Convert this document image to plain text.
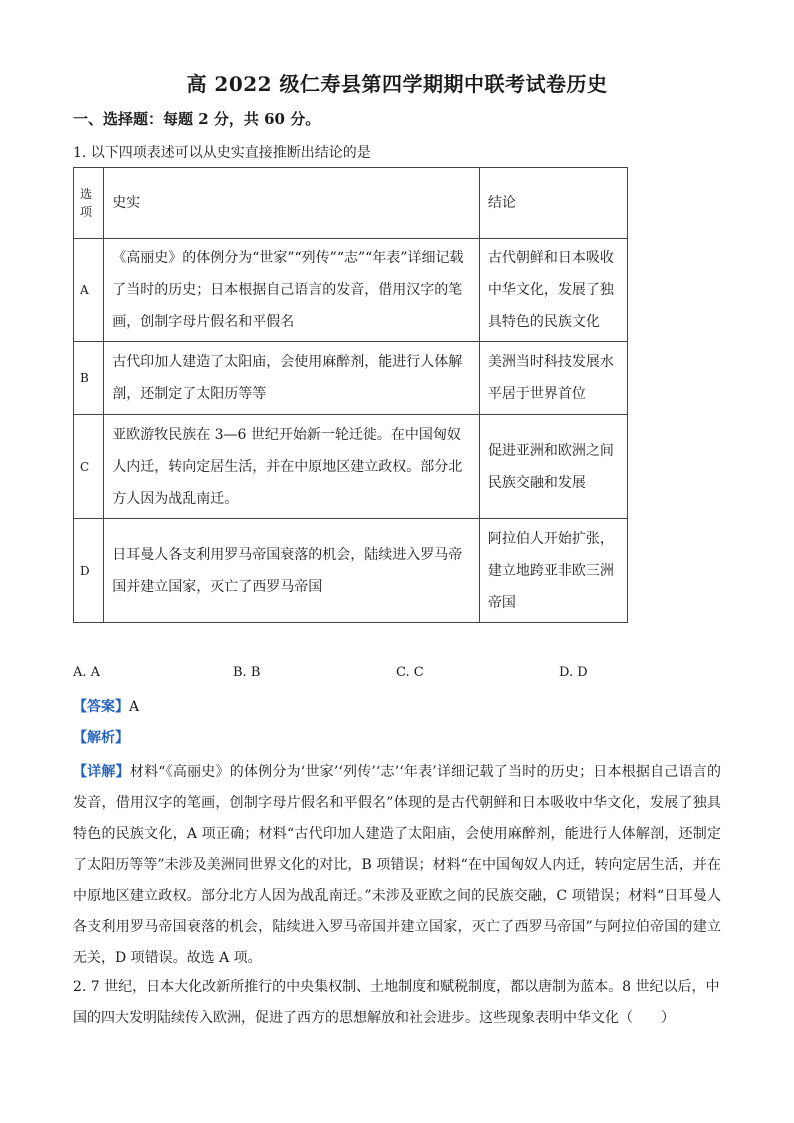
高 2022 级仁寿县第四学期期中联考试卷历史
一、选择题：每题 2 分，共 60 分。
1. 以下四项表述可以从史实直接推断出结论的是
选项	史实	结论
A	《高丽史》的体例分为“世家”“列传”“志”“年表”详细记载了当时的历史；日本根据自己语言的发音，借用汉字的笔画，创制字母片假名和平假名	古代朝鲜和日本吸收中华文化，发展了独具特色的民族文化
B	古代印加人建造了太阳庙，会使用麻醉剂，能进行人体解剖，还制定了太阳历等等	美洲当时科技发展水平居于世界首位
C	亚欧游牧民族在 3—6 世纪开始新一轮迁徙。在中国匈奴人内迁，转向定居生活，并在中原地区建立政权。部分北方人因为战乱南迁。	促进亚洲和欧洲之间民族交融和发展
D	日耳曼人各支利用罗马帝国衰落的机会，陆续进入罗马帝国并建立国家，灭亡了西罗马帝国	阿拉伯人开始扩张，建立地跨亚非欧三洲帝国
A. A	B. B	C. C	D. D
【答案】A
【解析】
【详解】材料“《高丽史》的体例分为‘世家’‘列传’‘志’‘年表’详细记载了当时的历史；日本根据自己语言的发音，借用汉字的笔画，创制字母片假名和平假名”体现的是古代朝鲜和日本吸收中华文化，发展了独具特色的民族文化，A 项正确；材料“古代印加人建造了太阳庙，会使用麻醉剂，能进行人体解剖，还制定了太阳历等等”未涉及美洲同世界文化的对比，B 项错误；材料“在中国匈奴人内迁，转向定居生活，并在中原地区建立政权。部分北方人因为战乱南迁。”未涉及亚欧之间的民族交融，C 项错误；材料“日耳曼人各支利用罗马帝国衰落的机会，陆续进入罗马帝国并建立国家，灭亡了西罗马帝国”与阿拉伯帝国的建立无关，D 项错误。故选 A 项。
2. 7 世纪，日本大化改新所推行的中央集权制、土地制度和赋税制度，都以唐制为蓝本。8 世纪以后，中国的四大发明陆续传入欧洲，促进了西方的思想解放和社会进步。这些现象表明中华文化（　　）
